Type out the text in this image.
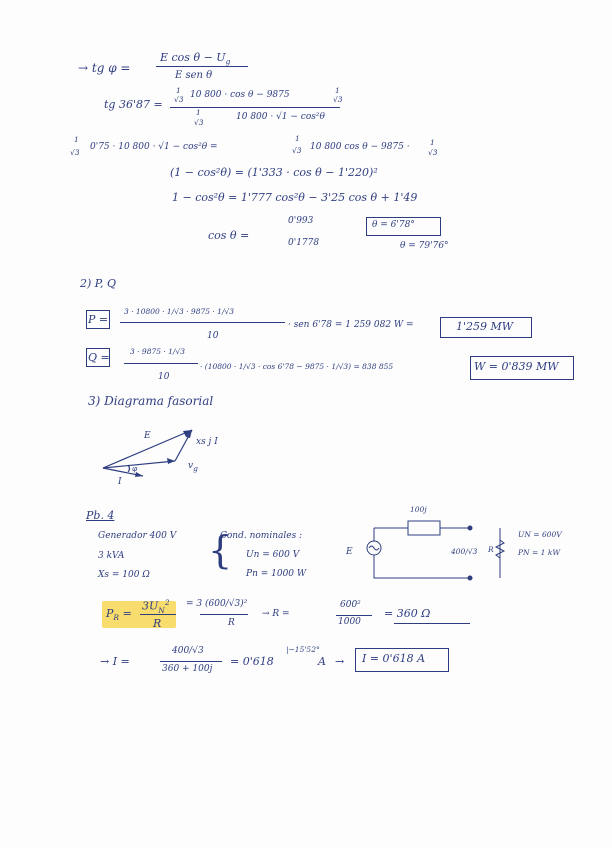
→ tg φ =
E $\cos \theta - U_g$
E sen θ
tg 36'87 =
1
√3 10 800 · cos θ − 9875	1
√3
1
√3
10 800 · √1 − cos²θ
1
√3
0'75 · 10 800 · √1 − cos²θ =
1
√3 10 800 cos θ − 9875 ·	1
√3
(1 − cos²θ) = (1'333 · cos θ − 1'220)²
1 − cos²θ = 1'777 cos²θ − 3'25 cos θ + 1'49
cos θ =
0'993
0'1778
θ = 6'78°
θ = 79'76°
2) P, Q
P =
3 · 10800 · 1/√3 · 9875 · 1/√3
10
· sen 6'78 = 1 259 082 W =	1'259 MW
Q =	3 · 9875 · 1/√3
10
· (10800 · 1/√3 · cos 6'78 − 9875 · 1/√3) = 838 855	W = 0'839 MW
3) Diagrama fasorial
E
xs j I
$v_g$
I
φ
Pb. 4
Generador 400 V
3 kVA
Xs = 100 Ω
{
Cond. nominales :
Un = 600 V
Pn = 1000 W
100j
E	400/√3 R
UN = 600V
PN = 1 kW
$P_R$ =
$3U_N^2$
R
= 3 (600/√3)²
R
→ R =
600²
1000
= 360 Ω
→ I =
400/√3
360 + 100j
= 0'618
|−15'52°
A → I = 0'618 A
